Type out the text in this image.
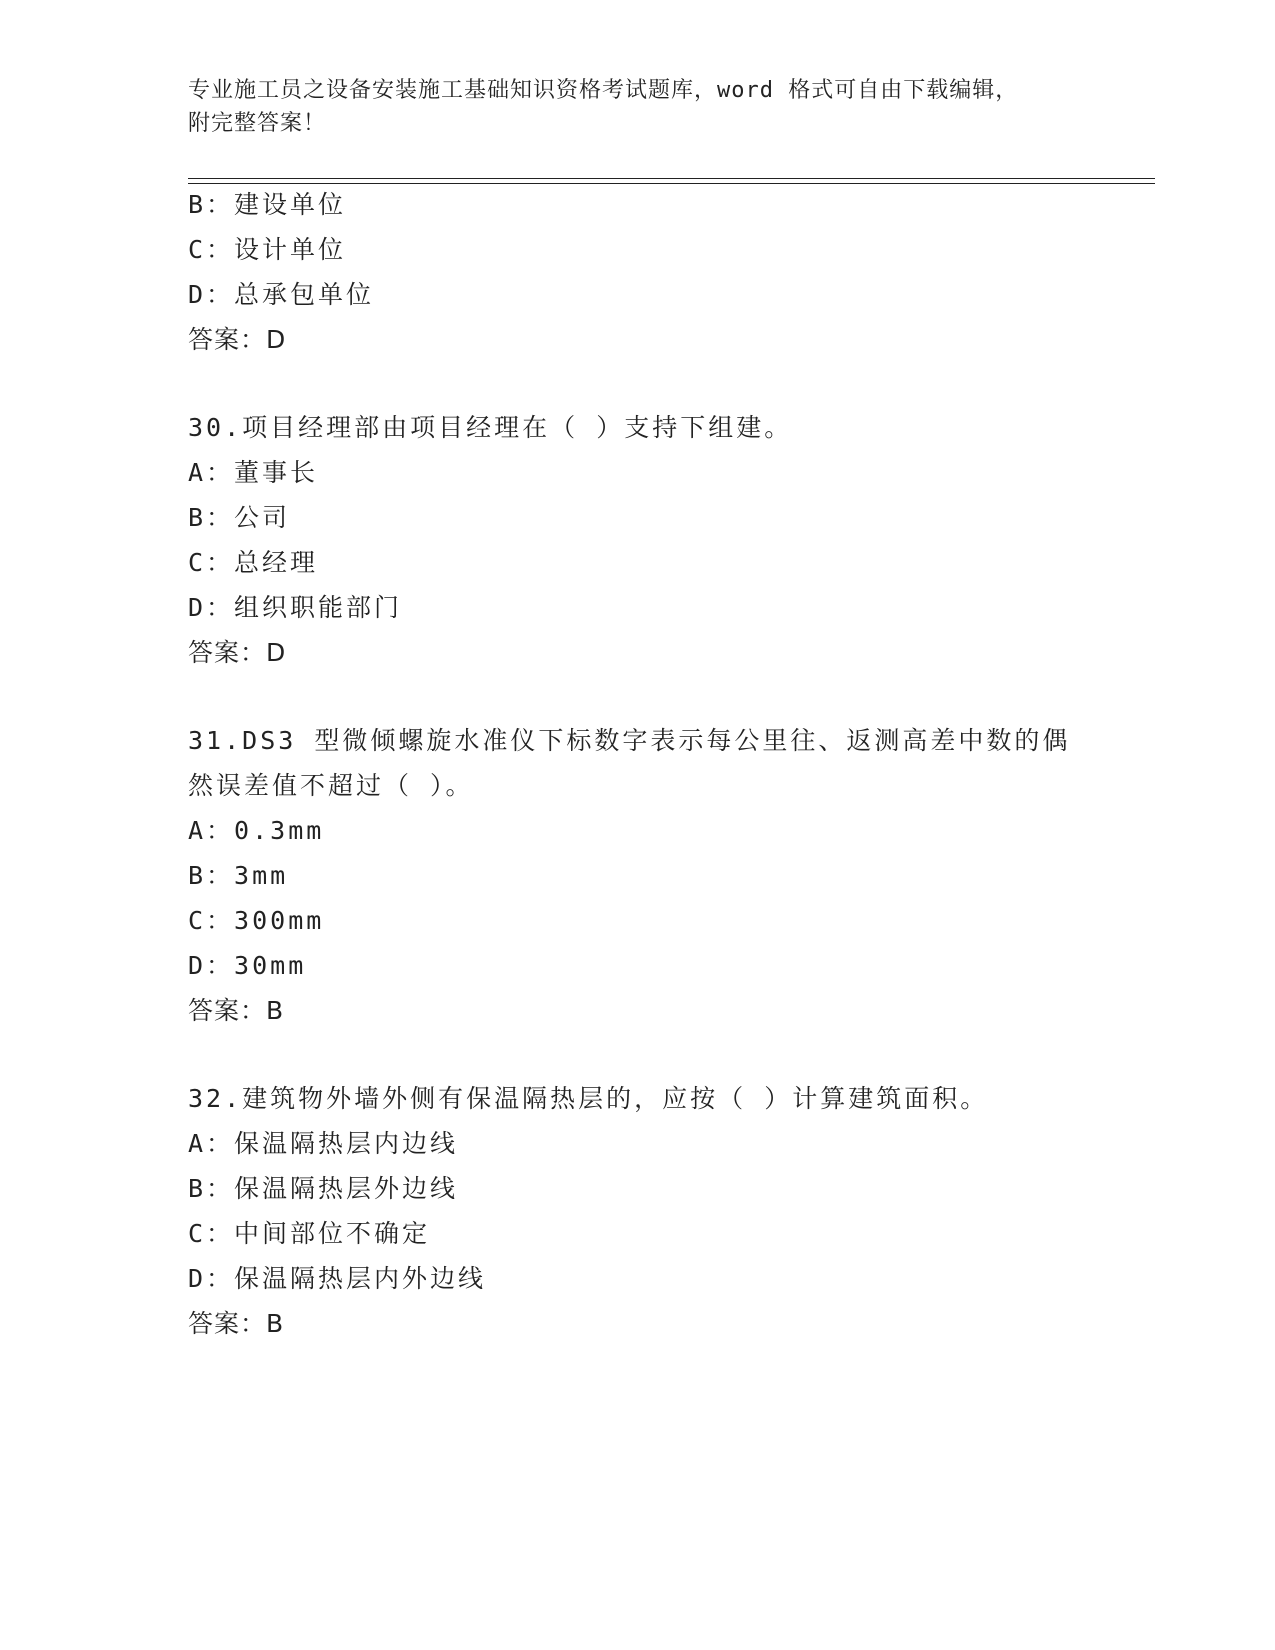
专业施工员之设备安装施工基础知识资格考试题库，word 格式可自由下载编辑，
附完整答案！
B：建设单位
C：设计单位
D：总承包单位
答案：D
30.项目经理部由项目经理在（ ）支持下组建。
A：董事长
B：公司
C：总经理
D：组织职能部门
答案：D
31.DS3 型微倾螺旋水准仪下标数字表示每公里往、返测高差中数的偶
然误差值不超过（ ）。
A：0.3mm
B：3mm
C：300mm
D：30mm
答案：B
32.建筑物外墙外侧有保温隔热层的，应按（ ）计算建筑面积。
A：保温隔热层内边线
B：保温隔热层外边线
C：中间部位不确定
D：保温隔热层内外边线
答案：B
